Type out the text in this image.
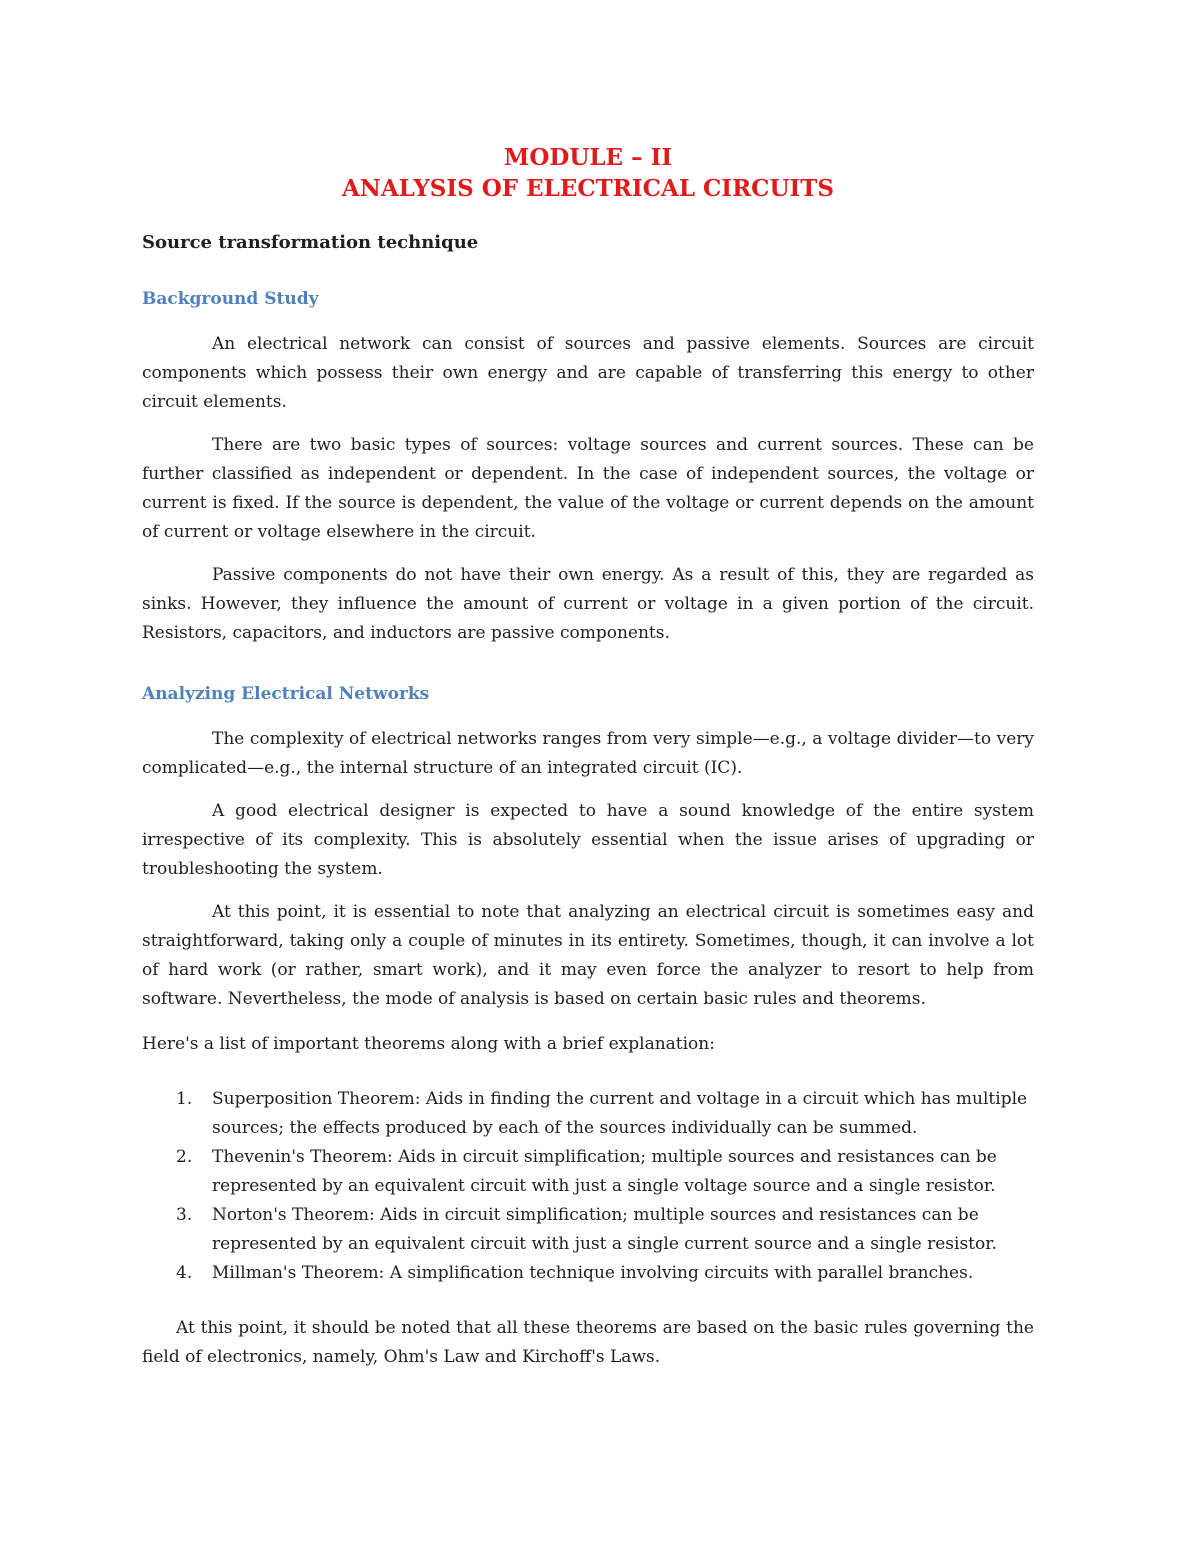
MODULE – II

ANALYSIS OF ELECTRICAL CIRCUITS

Source transformation technique

Background Study

An electrical network can consist of sources and passive elements. Sources are circuit components which possess their own energy and are capable of transferring this energy to other circuit elements.

There are two basic types of sources: voltage sources and current sources. These can be further classified as independent or dependent. In the case of independent sources, the voltage or current is fixed. If the source is dependent, the value of the voltage or current depends on the amount of current or voltage elsewhere in the circuit.

Passive components do not have their own energy. As a result of this, they are regarded as sinks. However, they influence the amount of current or voltage in a given portion of the circuit. Resistors, capacitors, and inductors are passive components.

Analyzing Electrical Networks

The complexity of electrical networks ranges from very simple—e.g., a voltage divider—to very complicated—e.g., the internal structure of an integrated circuit (IC).

A good electrical designer is expected to have a sound knowledge of the entire system irrespective of its complexity. This is absolutely essential when the issue arises of upgrading or troubleshooting the system.

At this point, it is essential to note that analyzing an electrical circuit is sometimes easy and straightforward, taking only a couple of minutes in its entirety. Sometimes, though, it can involve a lot of hard work (or rather, smart work), and it may even force the analyzer to resort to help from software. Nevertheless, the mode of analysis is based on certain basic rules and theorems.

Here's a list of important theorems along with a brief explanation:

1. Superposition Theorem: Aids in finding the current and voltage in a circuit which has multiple sources; the effects produced by each of the sources individually can be summed.
2. Thevenin's Theorem: Aids in circuit simplification; multiple sources and resistances can be represented by an equivalent circuit with just a single voltage source and a single resistor.
3. Norton's Theorem: Aids in circuit simplification; multiple sources and resistances can be represented by an equivalent circuit with just a single current source and a single resistor.
4. Millman's Theorem: A simplification technique involving circuits with parallel branches.

At this point, it should be noted that all these theorems are based on the basic rules governing the field of electronics, namely, Ohm's Law and Kirchoff's Laws.
